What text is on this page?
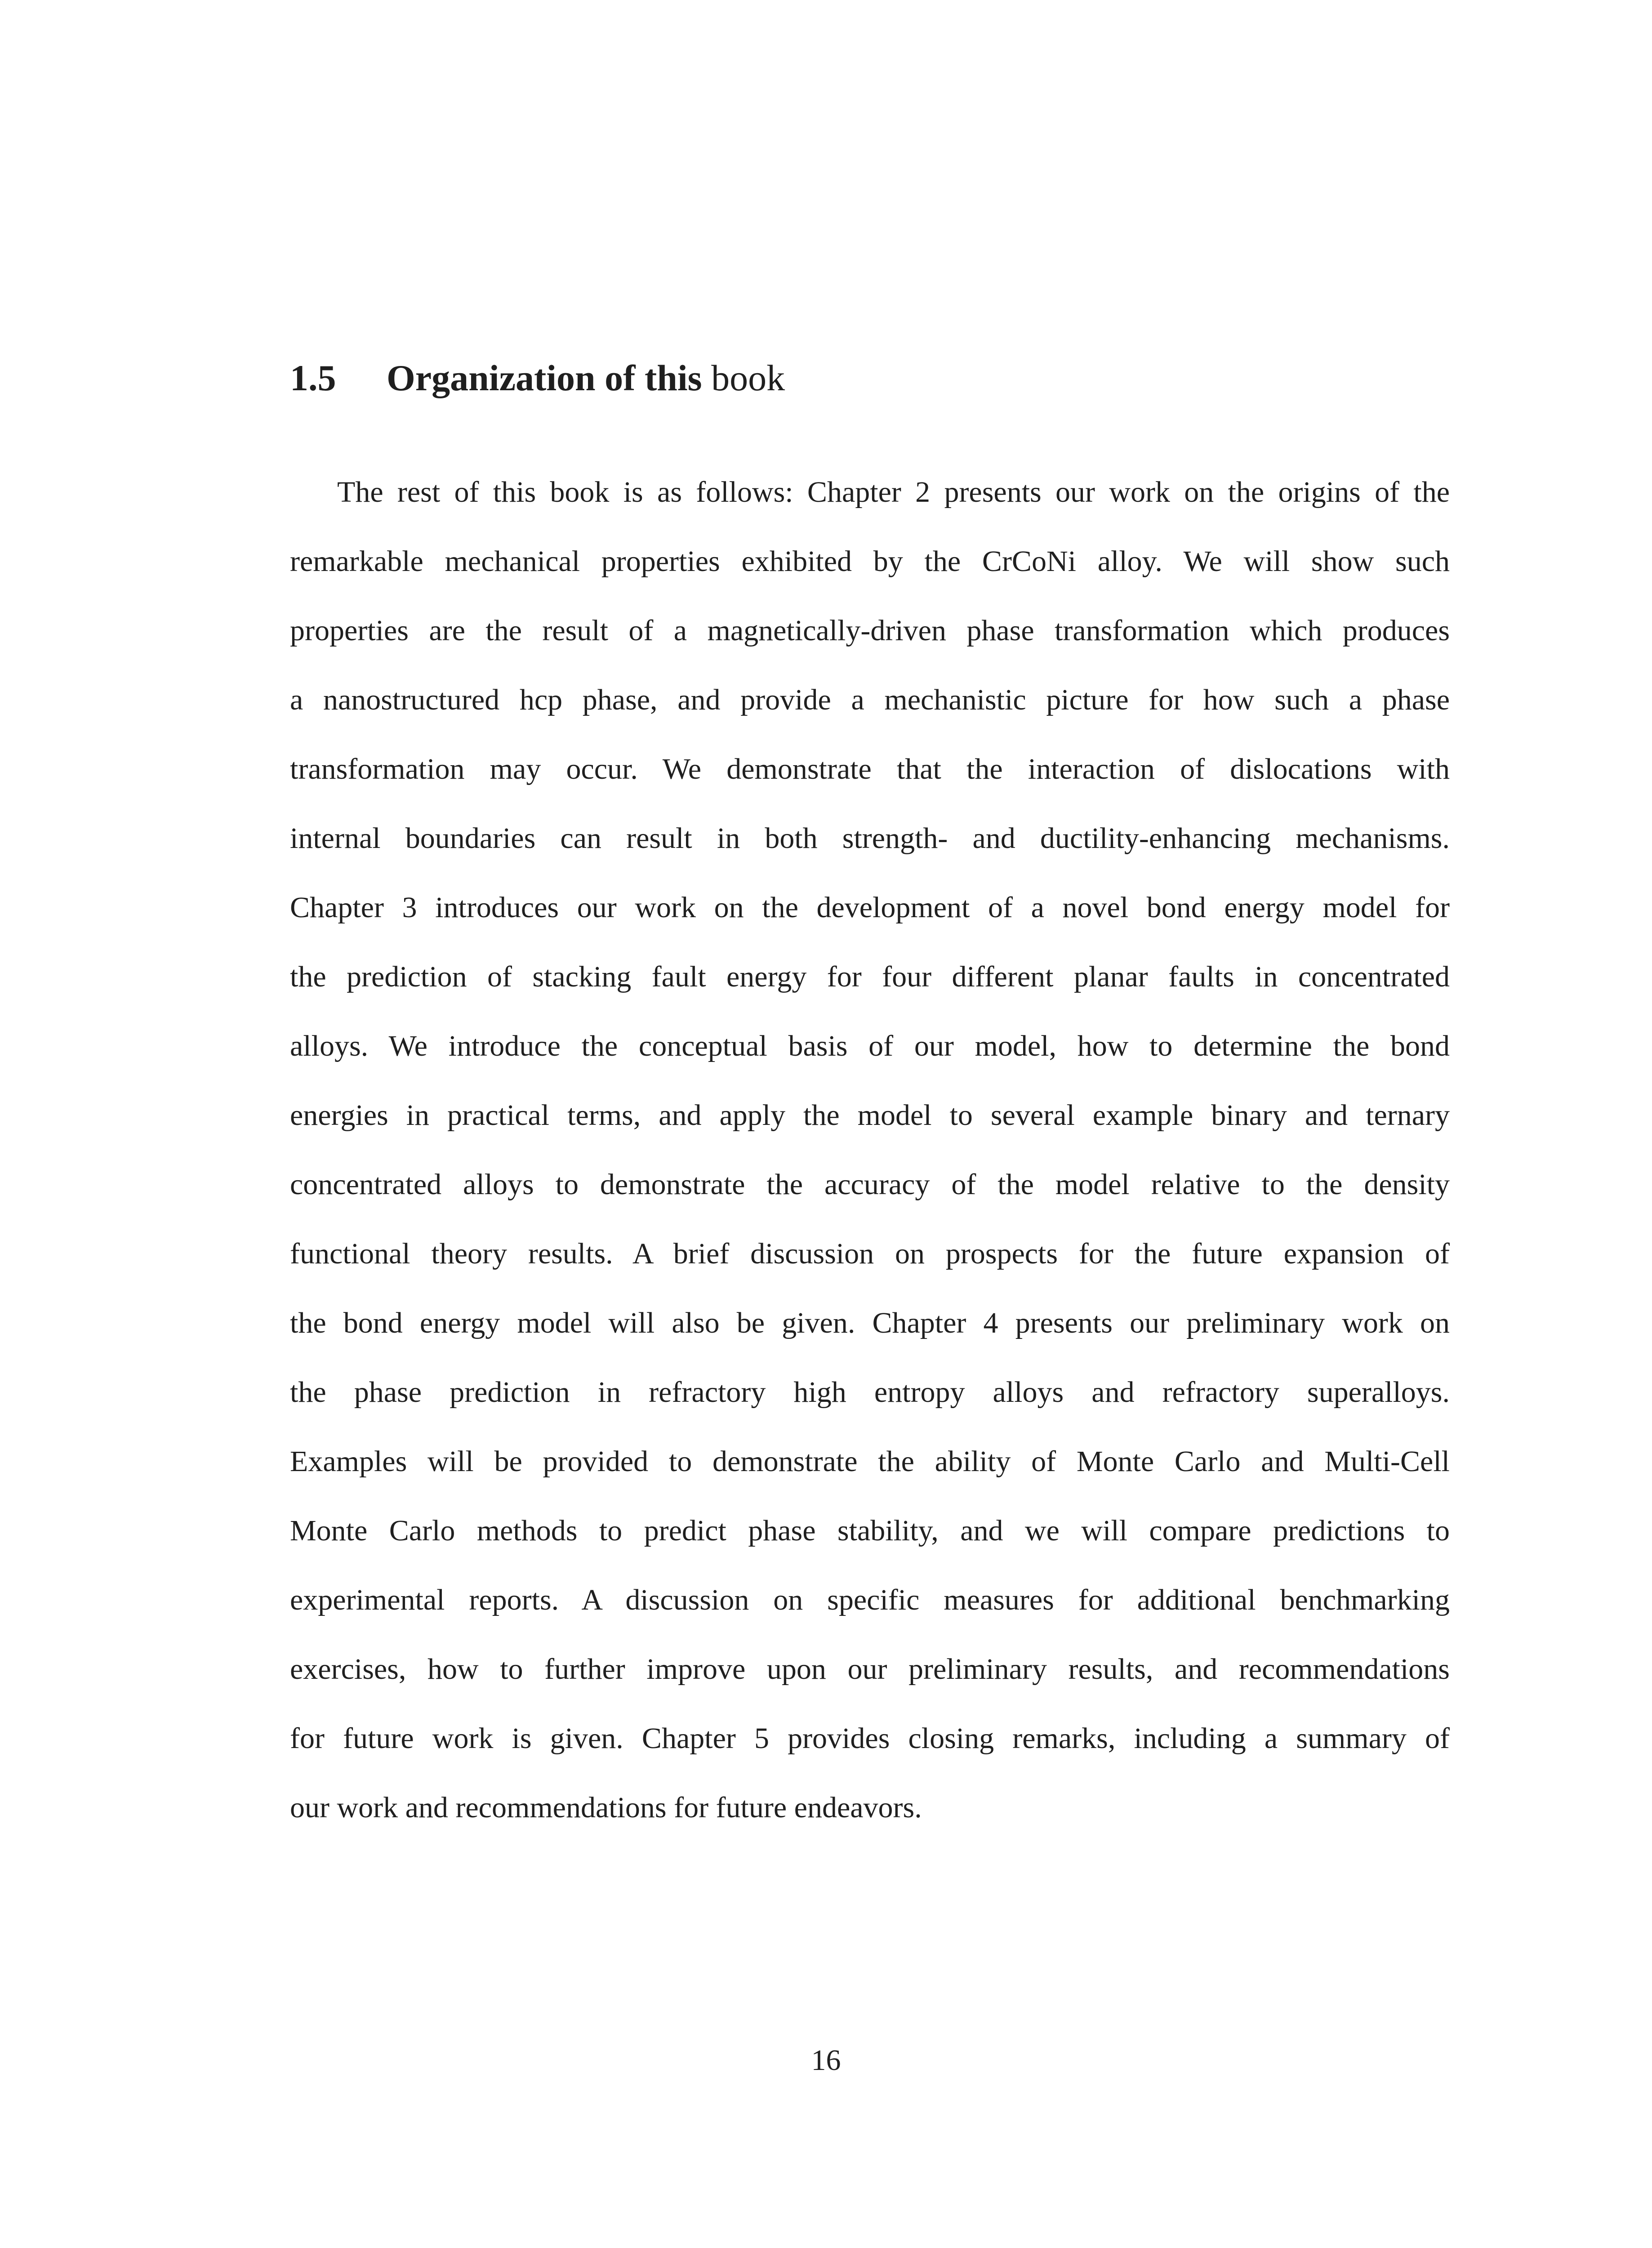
1.5 Organization of this book
The rest of this book is as follows: Chapter 2 presents our work on the origins of the
remarkable mechanical properties exhibited by the CrCoNi alloy. We will show such
properties are the result of a magnetically-driven phase transformation which produces
a nanostructured hcp phase, and provide a mechanistic picture for how such a phase
transformation may occur. We demonstrate that the interaction of dislocations with
internal boundaries can result in both strength- and ductility-enhancing mechanisms.
Chapter 3 introduces our work on the development of a novel bond energy model for
the prediction of stacking fault energy for four different planar faults in concentrated
alloys. We introduce the conceptual basis of our model, how to determine the bond
energies in practical terms, and apply the model to several example binary and ternary
concentrated alloys to demonstrate the accuracy of the model relative to the density
functional theory results. A brief discussion on prospects for the future expansion of
the bond energy model will also be given. Chapter 4 presents our preliminary work on
the phase prediction in refractory high entropy alloys and refractory superalloys.
Examples will be provided to demonstrate the ability of Monte Carlo and Multi-Cell
Monte Carlo methods to predict phase stability, and we will compare predictions to
experimental reports. A discussion on specific measures for additional benchmarking
exercises, how to further improve upon our preliminary results, and recommendations
for future work is given. Chapter 5 provides closing remarks, including a summary of
our work and recommendations for future endeavors.
16
